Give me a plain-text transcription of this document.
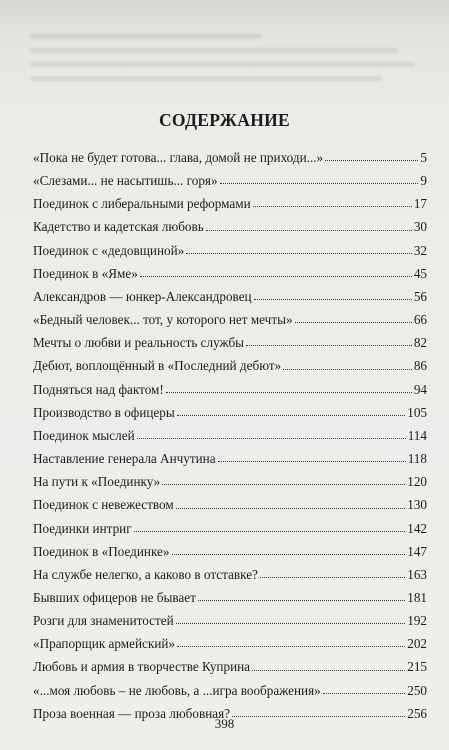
СОДЕРЖАНИЕ
«Пока не будет готова... глава, домой не приходи...»	5
«Слезами... не насытишь... горя»	9
Поединок с либеральными реформами	17
Кадетство и кадетская любовь	30
Поединок с «дедовщиной»	32
Поединок в «Яме»	45
Александров — юнкер-Александровец	56
«Бедный человек... тот, у которого нет мечты»	66
Мечты о любви и реальность службы	82
Дебют, воплощённый в «Последний дебют»	86
Подняться над фактом!	94
Производство в офицеры	105
Поединок мыслей	114
Наставление генерала Анчутина	118
На пути к «Поединку»	120
Поединок с невежеством	130
Поединки интриг	142
Поединок в «Поединке»	147
На службе нелегко, а каково в отставке?	163
Бывших офицеров не бывает	181
Розги для знаменитостей	192
«Прапорщик армейский»	202
Любовь и армия в творчестве Куприна	215
«...моя любовь – не любовь, а ...игра воображения»	250
Проза военная — проза любовная?	256
398
